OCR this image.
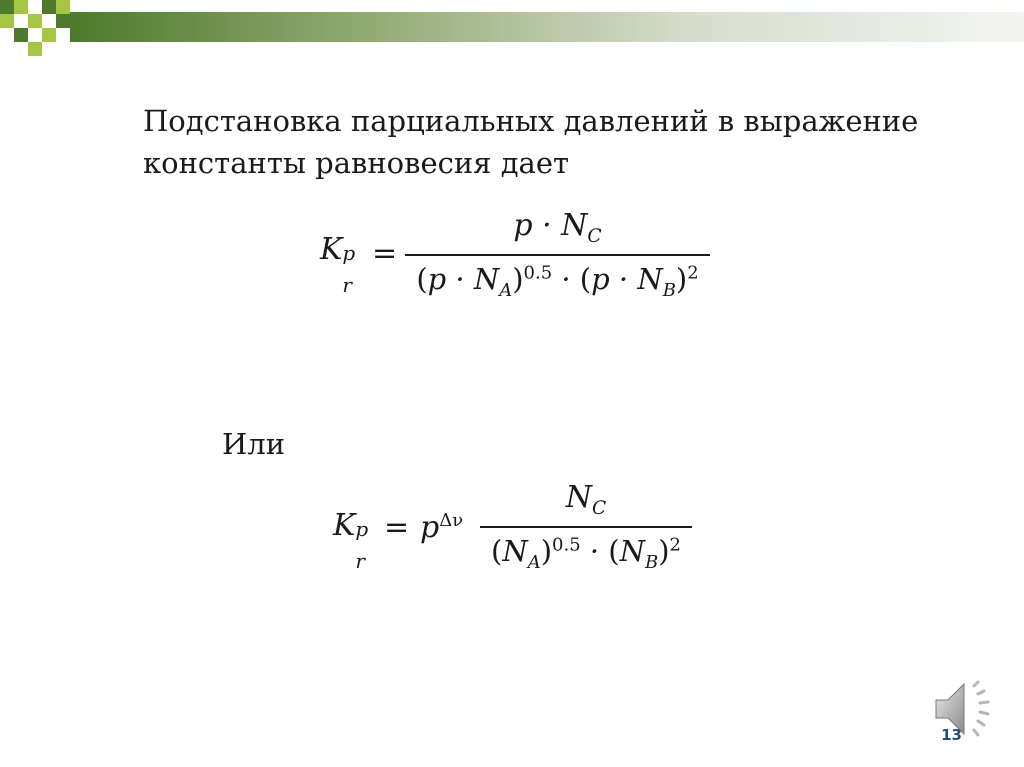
Подстановка парциальных давлений в выражение
константы равновесия дает
K p
r
=
$p \cdot N_C$
$(p \cdot N_A)^{0.5} \cdot (p \cdot N_B)^2$
Или
K p
r
= $p^{\Delta\nu}$
$N_C$
$(N_A)^{0.5} \cdot (N_B)^2$
13
